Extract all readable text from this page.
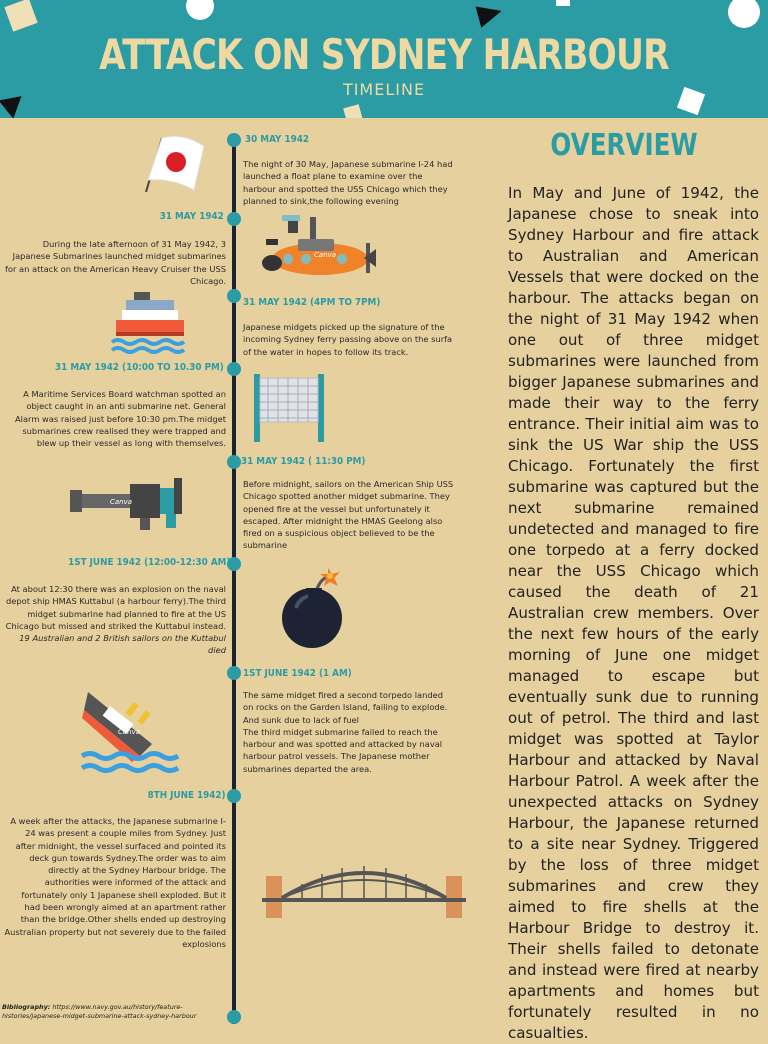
ATTACK ON SYDNEY HARBOUR
TIMELINE
30 MAY 1942
The night of 30 May, Japanese submarine I-24 had launched a float plane to examine over the harbour and spotted the USS Chicago which they planned to sink,the following evening
31 MAY 1942
During the late afternoon of 31 May 1942, 3 Japanese Submarines launched midget submarines for an attack on the American Heavy Cruiser the USS Chicago.
31 MAY 1942 (4PM TO 7PM)
Japanese midgets picked up the signature of the incoming Sydney ferry passing above on the surfa of the water in hopes to follow its track.
31 MAY 1942 (10:00 TO 10.30 PM)
A Maritime Services Board watchman spotted an object caught in an anti submarine net. General Alarm was raised just before 10:30 pm.The midget submarines crew realised they were trapped and blew up their vessel as long with themselves.
31 MAY 1942 ( 11:30 PM)
Before midnight, sailors on the American Ship USS Chicago spotted another midget submarine. They opened fire at the vessel but unfortunately it escaped. After midnight the HMAS Geelong also fired on a suspicious object believed to be the submarine
1ST JUNE 1942 (12:00-12:30 AM)
At about 12:30 there was an explosion on the naval depot ship HMAS Kuttabul (a harbour ferry).The third midget submarine had planned to fire at the US Chicago but missed and striked the Kuttabul instead. 19 Australian and 2 British sailors on the Kuttabul died
1ST JUNE 1942 (1 AM)
The same midget fired a second torpedo landed on rocks on the Garden Island, failing to explode. And sunk due to lack of fuel
The third midget submarine failed to reach the harbour and was spotted and attacked by naval harbour patrol vessels. The Japanese mother submarines departed the area.
8TH JUNE 1942)
A week after the attacks, the Japanese submarine I-24 was present a couple miles from Sydney. Just after midnight, the vessel surfaced and pointed its deck gun towards Sydney.The order was to aim directly at the Sydney Harbour bridge. The authorities were informed of the attack and fortunately only 1 Japanese shell exploded. But it had been wrongly aimed at an apartment rather than the bridge.Other shells ended up destroying Australian property but not severely due to the failed explosions
Canva
Canva
Canva
OVERVIEW
In May and June of 1942, the Japanese chose to sneak into Sydney Harbour and fire attack to Australian and American Vessels that were docked on the harbour. The attacks began on the night of 31 May 1942 when one out of three midget submarines were launched from bigger Japanese submarines and made their way to the ferry entrance. Their initial aim was to sink the US War ship the USS Chicago. Fortunately the first submarine was captured but the next submarine remained undetected and managed to fire one torpedo at a ferry docked near the USS Chicago which caused the death of 21 Australian crew members. Over the next few hours of the early morning of June one midget managed to escape but eventually sunk due to running out of petrol. The third and last midget was spotted at Taylor Harbour and attacked by Naval Harbour Patrol. A week after the unexpected attacks on Sydney Harbour, the Japanese returned to a site near Sydney. Triggered by the loss of three midget submarines and crew they aimed to fire shells at the Harbour Bridge to destroy it. Their shells failed to detonate and instead were fired at nearby apartments and homes but fortunately resulted in no casualties.
Bibliography: https://www.navy.gov.au/history/feature-histories/japanese-midget-submarine-attack-sydney-harbour
